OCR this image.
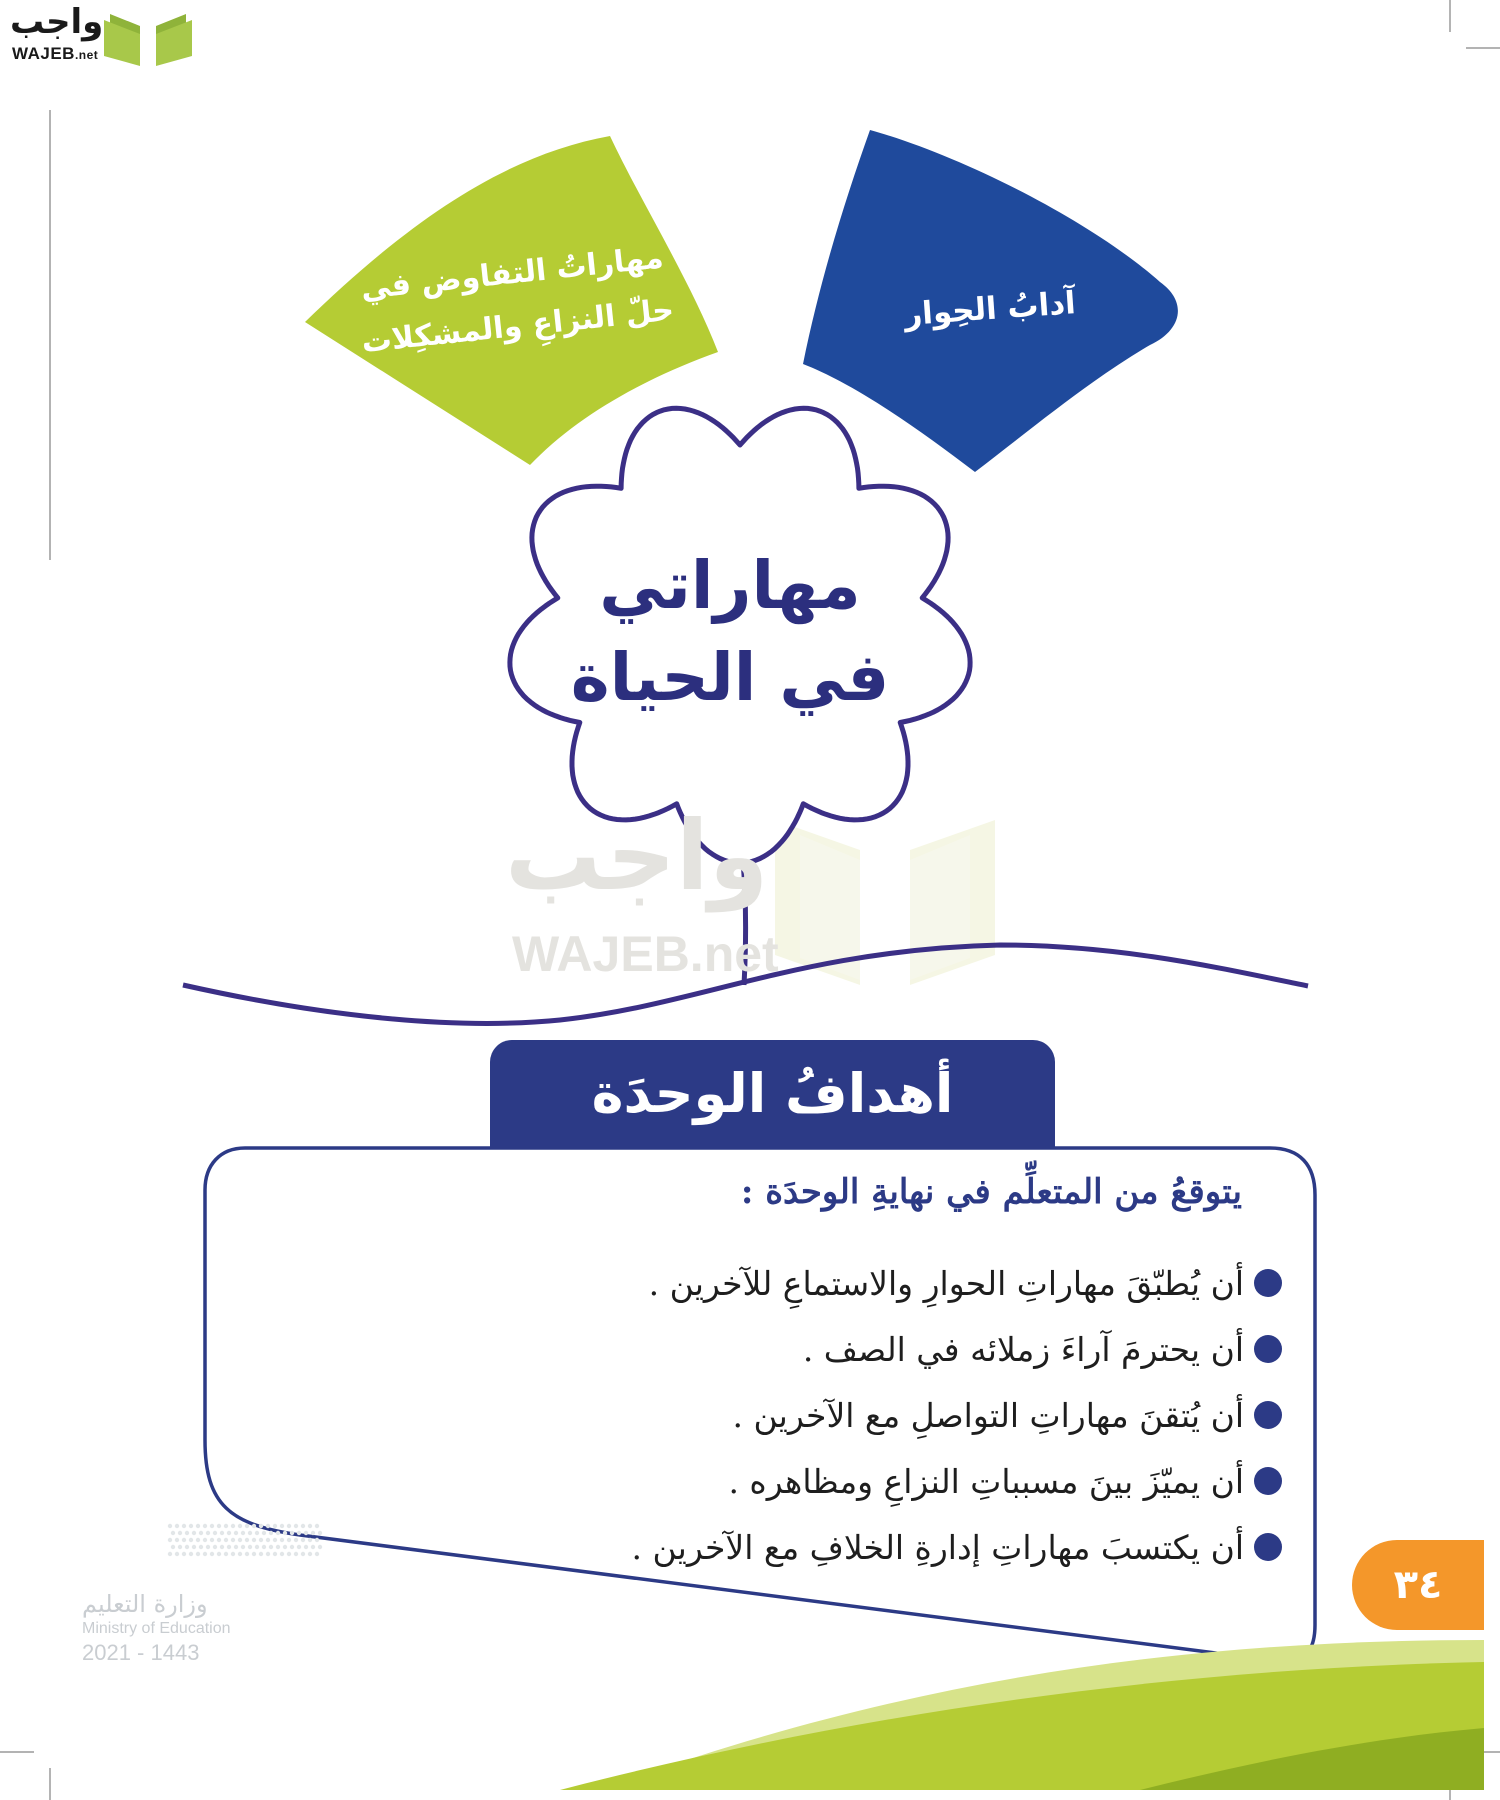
واجب
WAJEB.net
مهاراتُ التفاوض في حلّ النزاعِ والمشكِلات	آدابُ الحِوار
واجب
WAJEB.net
مهاراتي
في الحياة
أهدافُ الوحدَة
يتوقعُ من المتعلِّم في نهايةِ الوحدَة :
أن يُطبّقَ مهاراتِ الحوارِ والاستماعِ للآخرين .
أن يحترمَ آراءَ زملائه في الصف .
أن يُتقنَ مهاراتِ التواصلِ مع الآخرين .
أن يميّزَ بينَ مسبباتِ النزاعِ ومظاهره .
أن يكتسبَ مهاراتِ إدارةِ الخلافِ مع الآخرين .
٣٤
وزارة التعليم
Ministry of Education
2021 - 1443
